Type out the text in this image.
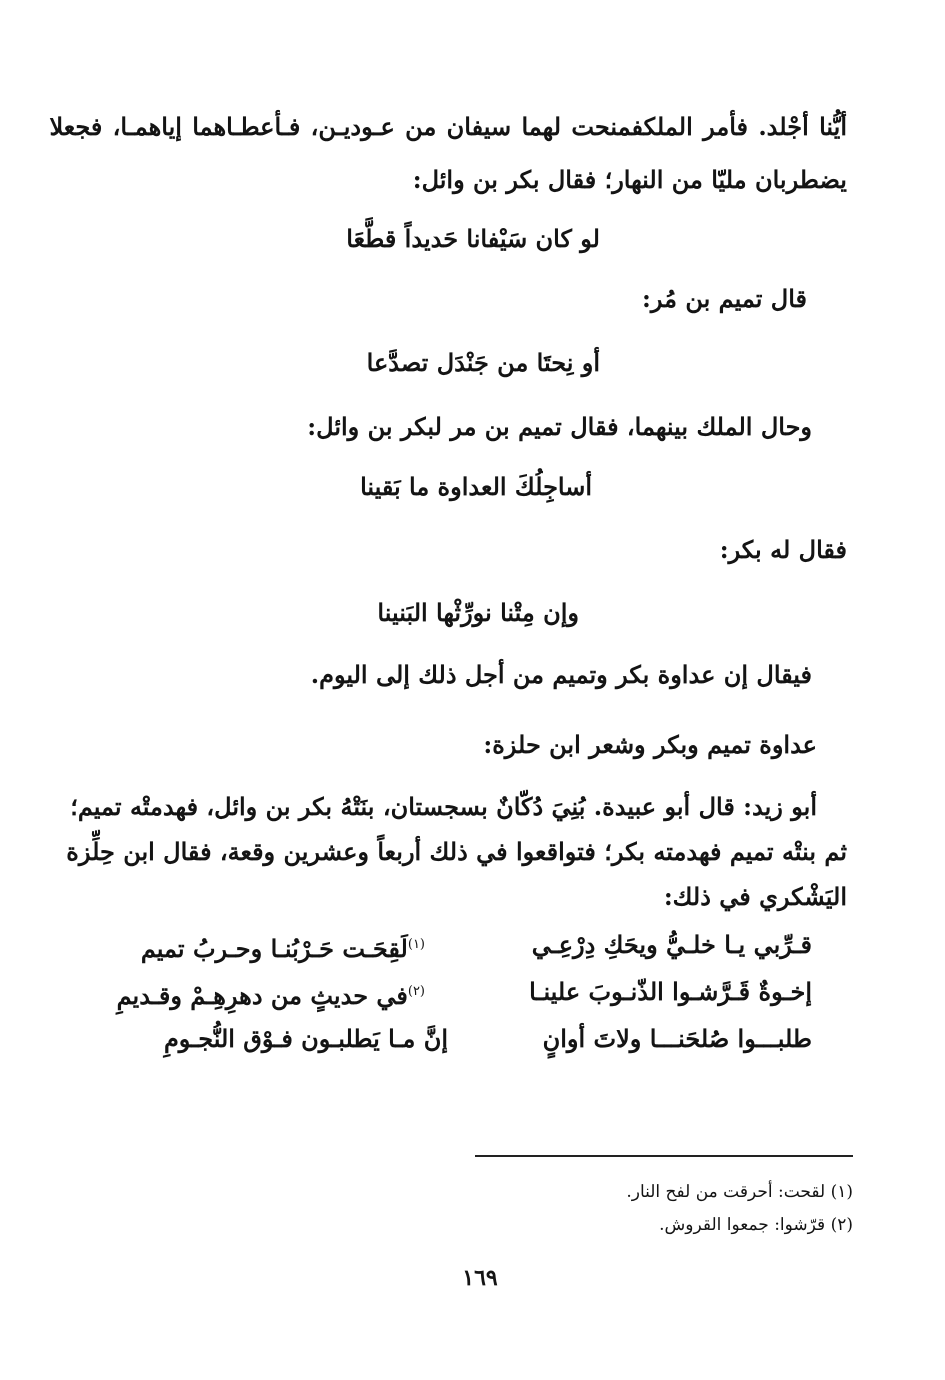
أيُّنا أجْلد. فأمر الملكفمنحت لهما سيفان من عـوديـن، فـأعطـاهما إياهمـا، فجعلا
يضطربان مليّا من النهار؛ فقال بكر بن وائل:
لو كان سَيْفانا حَديداً قطَّعَا
قال تميم بن مُر:
أو نِحتَا من جَنْدَل تصدَّعا
وحال الملك بينهما، فقال تميم بن مر لبكر بن وائل:
أساجِلُكَ العداوة ما بَقينا
فقال له بكر:
وإن مِتْنا نورِّثْها البَنينا
فيقال إن عداوة بكر وتميم من أجل ذلك إلى اليوم.
عداوة تميم وبكر وشعر ابن حلزة:
أبو زيد: قال أبو عبيدة. بُنِيَ دُكّانٌ بسجستان، بنَتْهُ بكر بن وائل، فهدمتْه تميم؛
ثم بنتْه تميم فهدمته بكر؛ فتواقعوا في ذلك أربعاً وعشرين وقعة، فقال ابن حِلِّزة
اليَشْكري في ذلك:
قـرِّبي يـا خلـيُّ ويحَكِ دِرْعِـي
$^{(١)}$لَقِحَـت حَـرْبُنـا وحـربُ تميم
إخـوةٌ قَـرَّشـوا الذّنـوبَ علينـا
$^{(٢)}$في حديثٍ من دهرِهِـمْ وقـديمِ
طلبـــوا صُلحَنـــا ولاتَ أوانٍ
إنَّ مـا يَطلبـون فـوْق النُّجـومِ
(١) لقحت: أحرقت من لفح النار.
(٢) قرّشوا: جمعوا القروش.
١٦٩
